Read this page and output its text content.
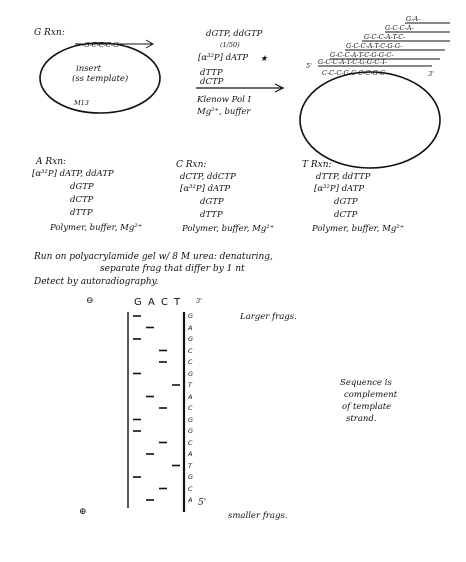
G Rxn:
-G-C-C-C-G-
insert
(ss template)
M13
dGTP, ddGTP
(1/50)
[α³²P] dATP ★
dTTP
dCTP
Klenow Pol I
Mg²⁺, buffer
G-A-
G-C-C-A-
G-C-C-A-T-C-
G-C-C-A-T-C-G-G-
G-C-C-A-T-C-G-G-C-
G-C-C-A-T-C-G-G-C-T-
5'
C-C-C-G-C-C-C-G-C-	3'
A Rxn:
[α³²P] dATP, ddATP
dGTP
dCTP
dTTP
Polymer, buffer, Mg²⁺
C Rxn:
dCTP, ddCTP
[α³²P] dATP
dGTP
dTTP
Polymer, buffer, Mg²⁺
T Rxn:
dTTP, ddTTP
[α³²P] dATP
dGTP
dCTP
Polymer, buffer, Mg²⁺
Run on polyacrylamide gel w/ 8 M urea: denaturing,
separate frag that differ by 1 nt
Detect by autoradiography.
⊖	G A C T 3'
G
A
G
C
C
G
T
A
C
G
G
C
A
T
G
C
A
Larger frags.
Sequence is
complement
of template
strand.
5'
⊕	smaller frags.
